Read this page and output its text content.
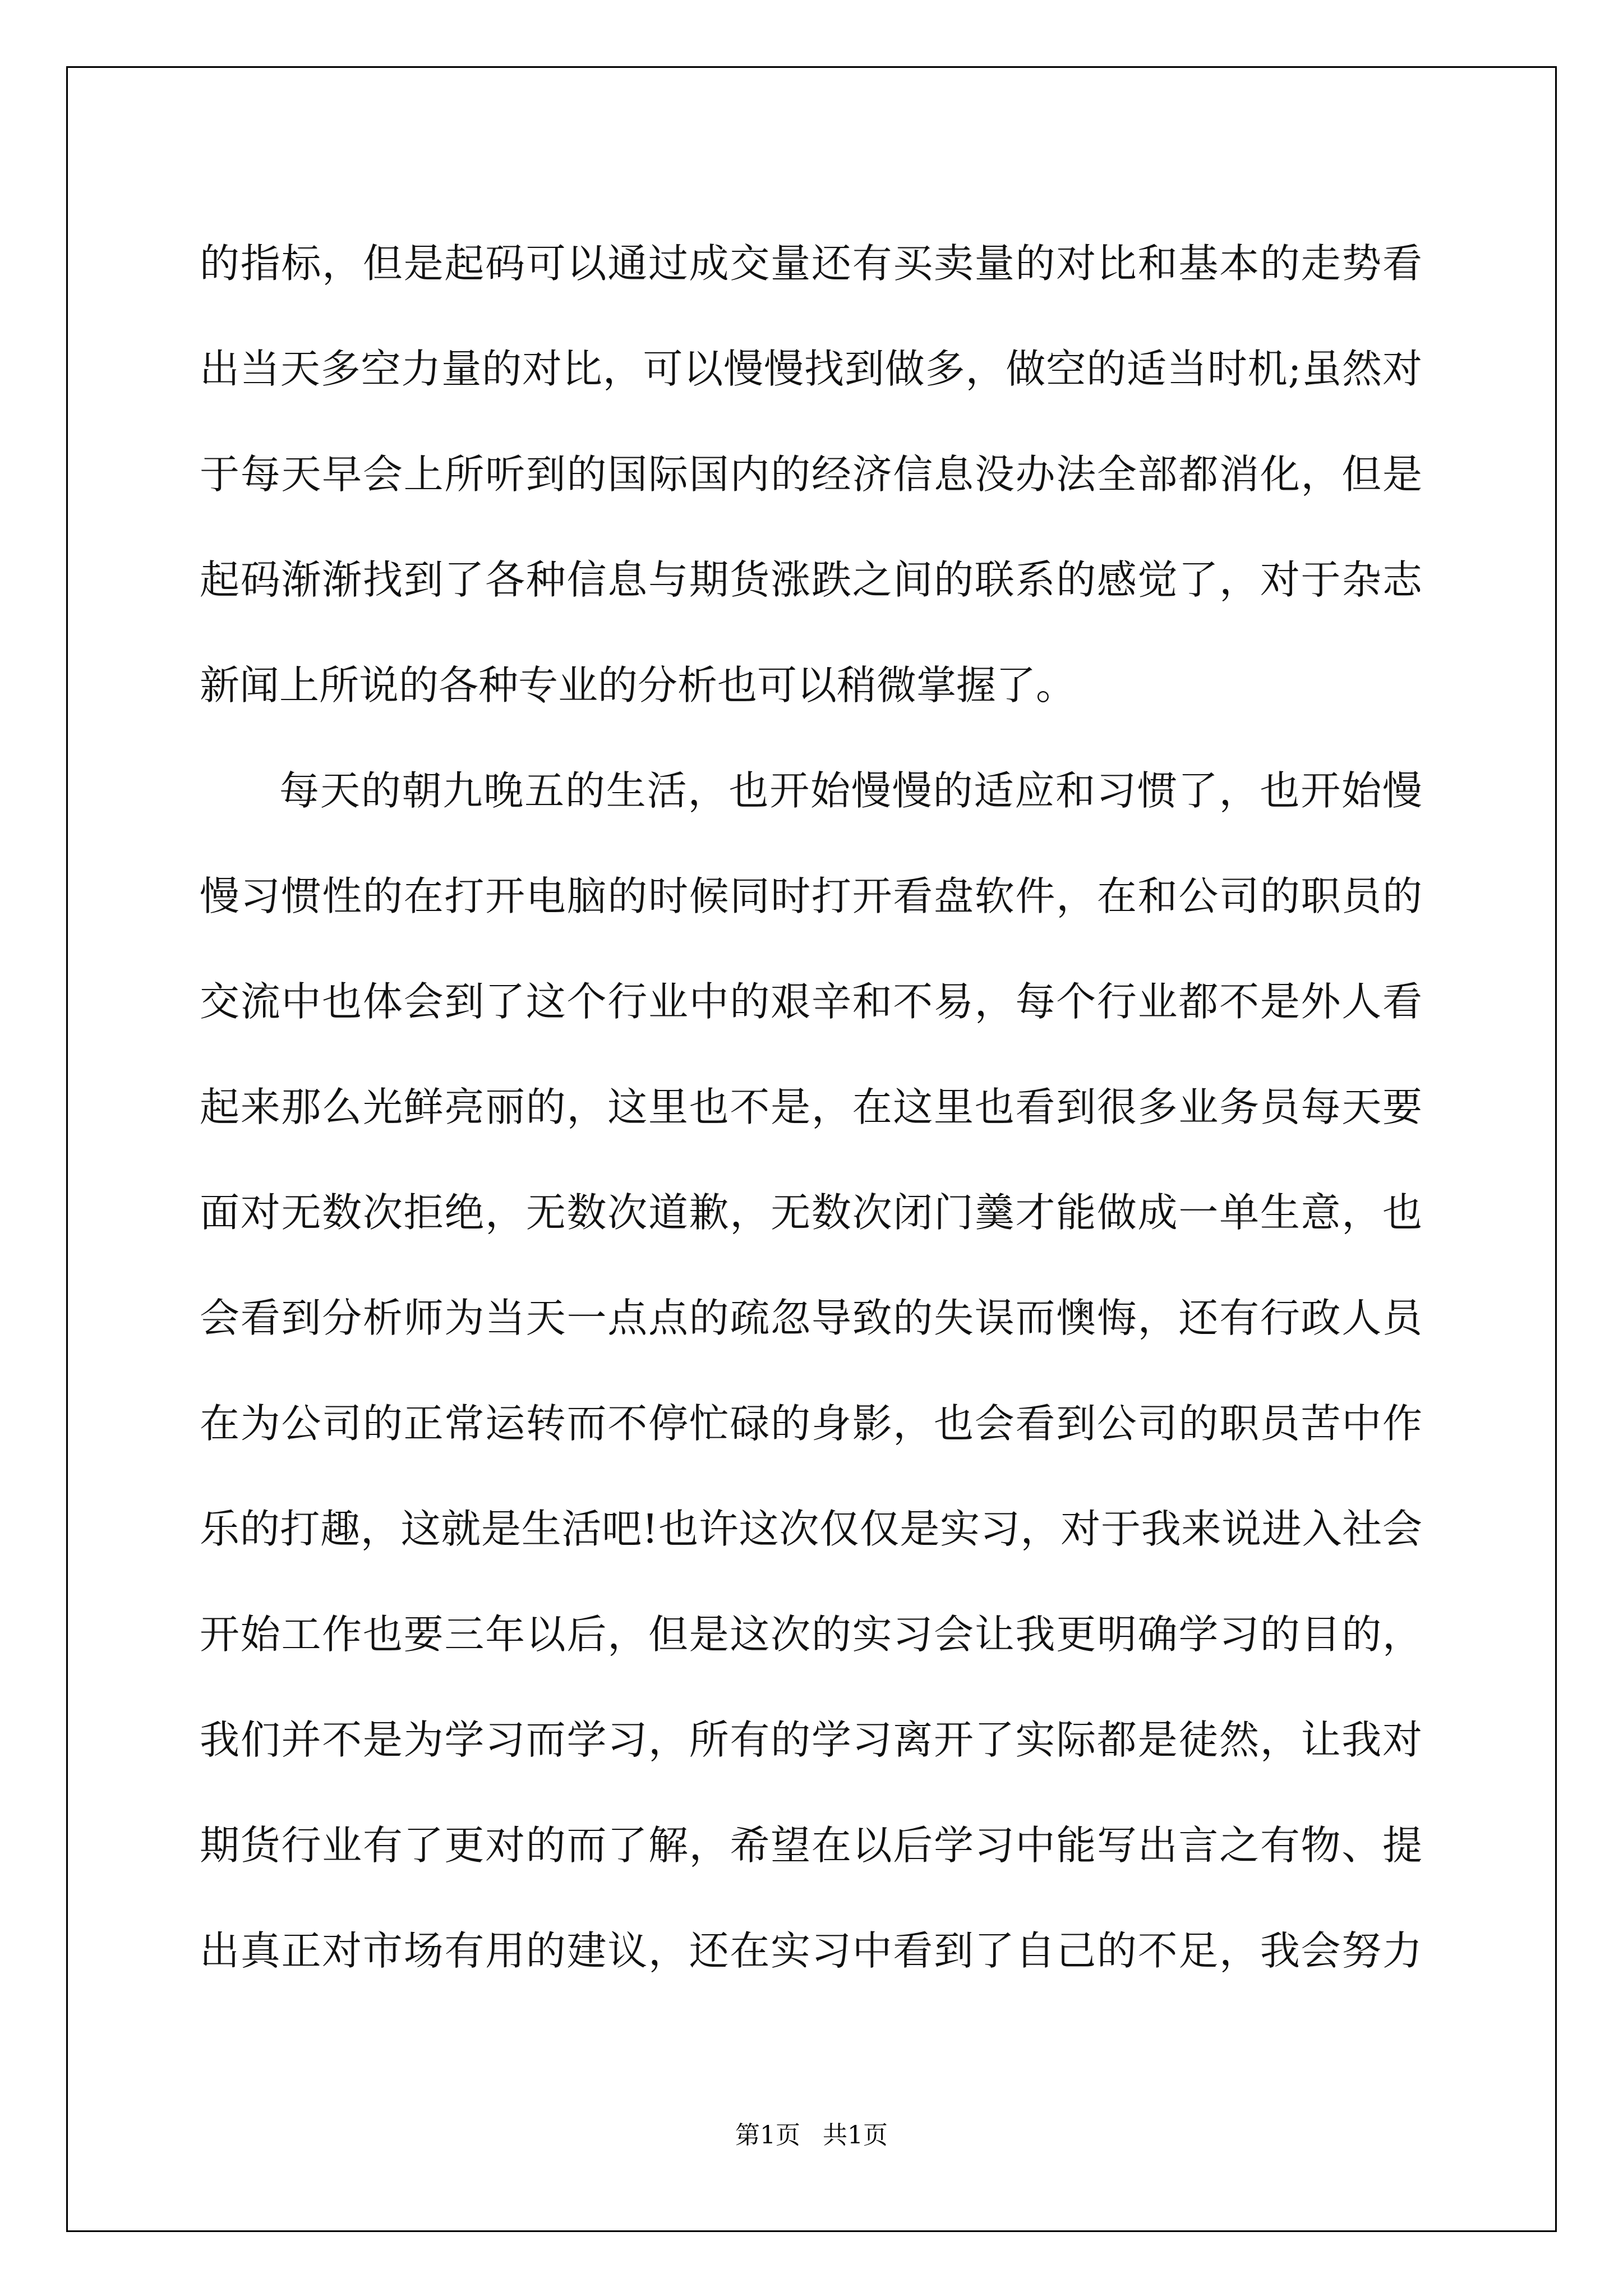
的指标，但是起码可以通过成交量还有买卖量的对比和基本的走势看
出当天多空力量的对比，可以慢慢找到做多，做空的适当时机;虽然对
于每天早会上所听到的国际国内的经济信息没办法全部都消化，但是
起码渐渐找到了各种信息与期货涨跌之间的联系的感觉了，对于杂志
新闻上所说的各种专业的分析也可以稍微掌握了。
每天的朝九晚五的生活，也开始慢慢的适应和习惯了，也开始慢
慢习惯性的在打开电脑的时候同时打开看盘软件，在和公司的职员的
交流中也体会到了这个行业中的艰辛和不易，每个行业都不是外人看
起来那么光鲜亮丽的，这里也不是，在这里也看到很多业务员每天要
面对无数次拒绝，无数次道歉，无数次闭门羹才能做成一单生意，也
会看到分析师为当天一点点的疏忽导致的失误而懊悔，还有行政人员
在为公司的正常运转而不停忙碌的身影，也会看到公司的职员苦中作
乐的打趣，这就是生活吧!也许这次仅仅是实习，对于我来说进入社会
开始工作也要三年以后，但是这次的实习会让我更明确学习的目的，
我们并不是为学习而学习，所有的学习离开了实际都是徒然，让我对
期货行业有了更对的而了解，希望在以后学习中能写出言之有物、提
出真正对市场有用的建议，还在实习中看到了自己的不足，我会努力
第1页 共1页
